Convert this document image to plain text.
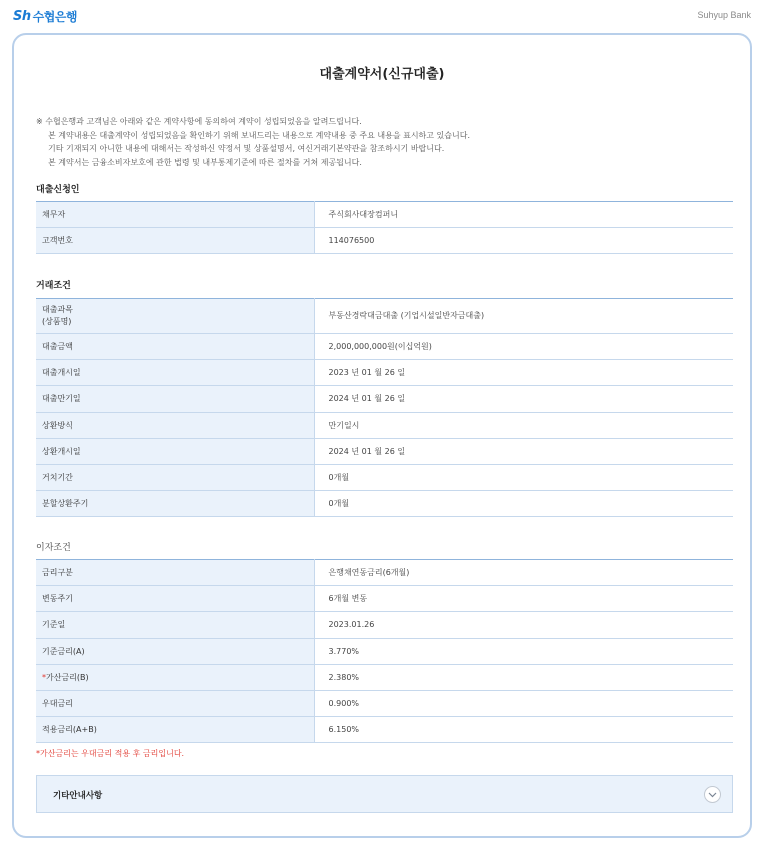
Sh 수협은행	Suhyup Bank
대출계약서(신규대출)

※ 수협은행과 고객님은 아래와 같은 계약사항에 동의하여 계약이 성립되었음을 알려드립니다.

본 계약내용은 대출계약이 성립되었음을 확인하기 위해 보내드리는 내용으로 계약내용 중 주요 내용을 표시하고 있습니다.

기타 기재되지 아니한 내용에 대해서는 작성하신 약정서 및 상품설명서, 여신거래기본약관을 참조하시기 바랍니다.

본 계약서는 금융소비자보호에 관한 법령 및 내부통제기준에 따른 절차를 거쳐 제공됩니다.

대출신청인
채무자	주식회사대장컴퍼니
고객번호	114076500
거래조건
대출과목
(상품명)	부동산경락대금대출 (기업시설일반자금대출)
대출금액	2,000,000,000원(이십억원)
대출개시일	2023 년 01 월 26 일
대출만기일	2024 년 01 월 26 일
상환방식	만기일시
상환개시일	2024 년 01 월 26 일
거치기간	0개월
분할상환주기	0개월
이자조건
금리구분	은행채연동금리(6개월)
변동주기	6개월 변동
기준일	2023.01.26
기준금리(A)	3.770%
*가산금리(B)	2.380%
우대금리	0.900%
적용금리(A+B)	6.150%
*가산금리는 우대금리 적용 후 금리입니다.
기타안내사항
